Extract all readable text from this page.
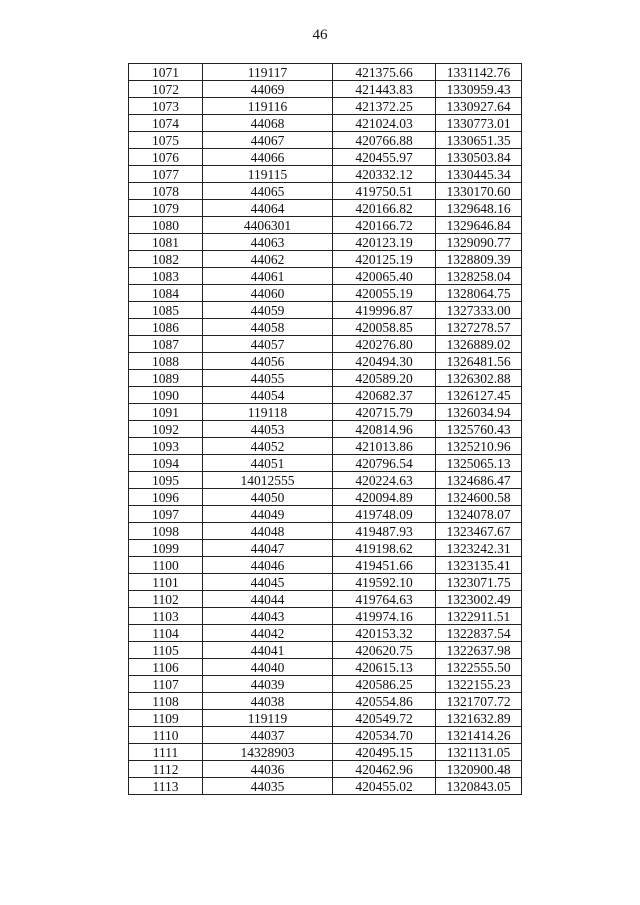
46
1071	119117	421375.66	1331142.76
1072	44069	421443.83	1330959.43
1073	119116	421372.25	1330927.64
1074	44068	421024.03	1330773.01
1075	44067	420766.88	1330651.35
1076	44066	420455.97	1330503.84
1077	119115	420332.12	1330445.34
1078	44065	419750.51	1330170.60
1079	44064	420166.82	1329648.16
1080	4406301	420166.72	1329646.84
1081	44063	420123.19	1329090.77
1082	44062	420125.19	1328809.39
1083	44061	420065.40	1328258.04
1084	44060	420055.19	1328064.75
1085	44059	419996.87	1327333.00
1086	44058	420058.85	1327278.57
1087	44057	420276.80	1326889.02
1088	44056	420494.30	1326481.56
1089	44055	420589.20	1326302.88
1090	44054	420682.37	1326127.45
1091	119118	420715.79	1326034.94
1092	44053	420814.96	1325760.43
1093	44052	421013.86	1325210.96
1094	44051	420796.54	1325065.13
1095	14012555	420224.63	1324686.47
1096	44050	420094.89	1324600.58
1097	44049	419748.09	1324078.07
1098	44048	419487.93	1323467.67
1099	44047	419198.62	1323242.31
1100	44046	419451.66	1323135.41
1101	44045	419592.10	1323071.75
1102	44044	419764.63	1323002.49
1103	44043	419974.16	1322911.51
1104	44042	420153.32	1322837.54
1105	44041	420620.75	1322637.98
1106	44040	420615.13	1322555.50
1107	44039	420586.25	1322155.23
1108	44038	420554.86	1321707.72
1109	119119	420549.72	1321632.89
1110	44037	420534.70	1321414.26
1111	14328903	420495.15	1321131.05
1112	44036	420462.96	1320900.48
1113	44035	420455.02	1320843.05
